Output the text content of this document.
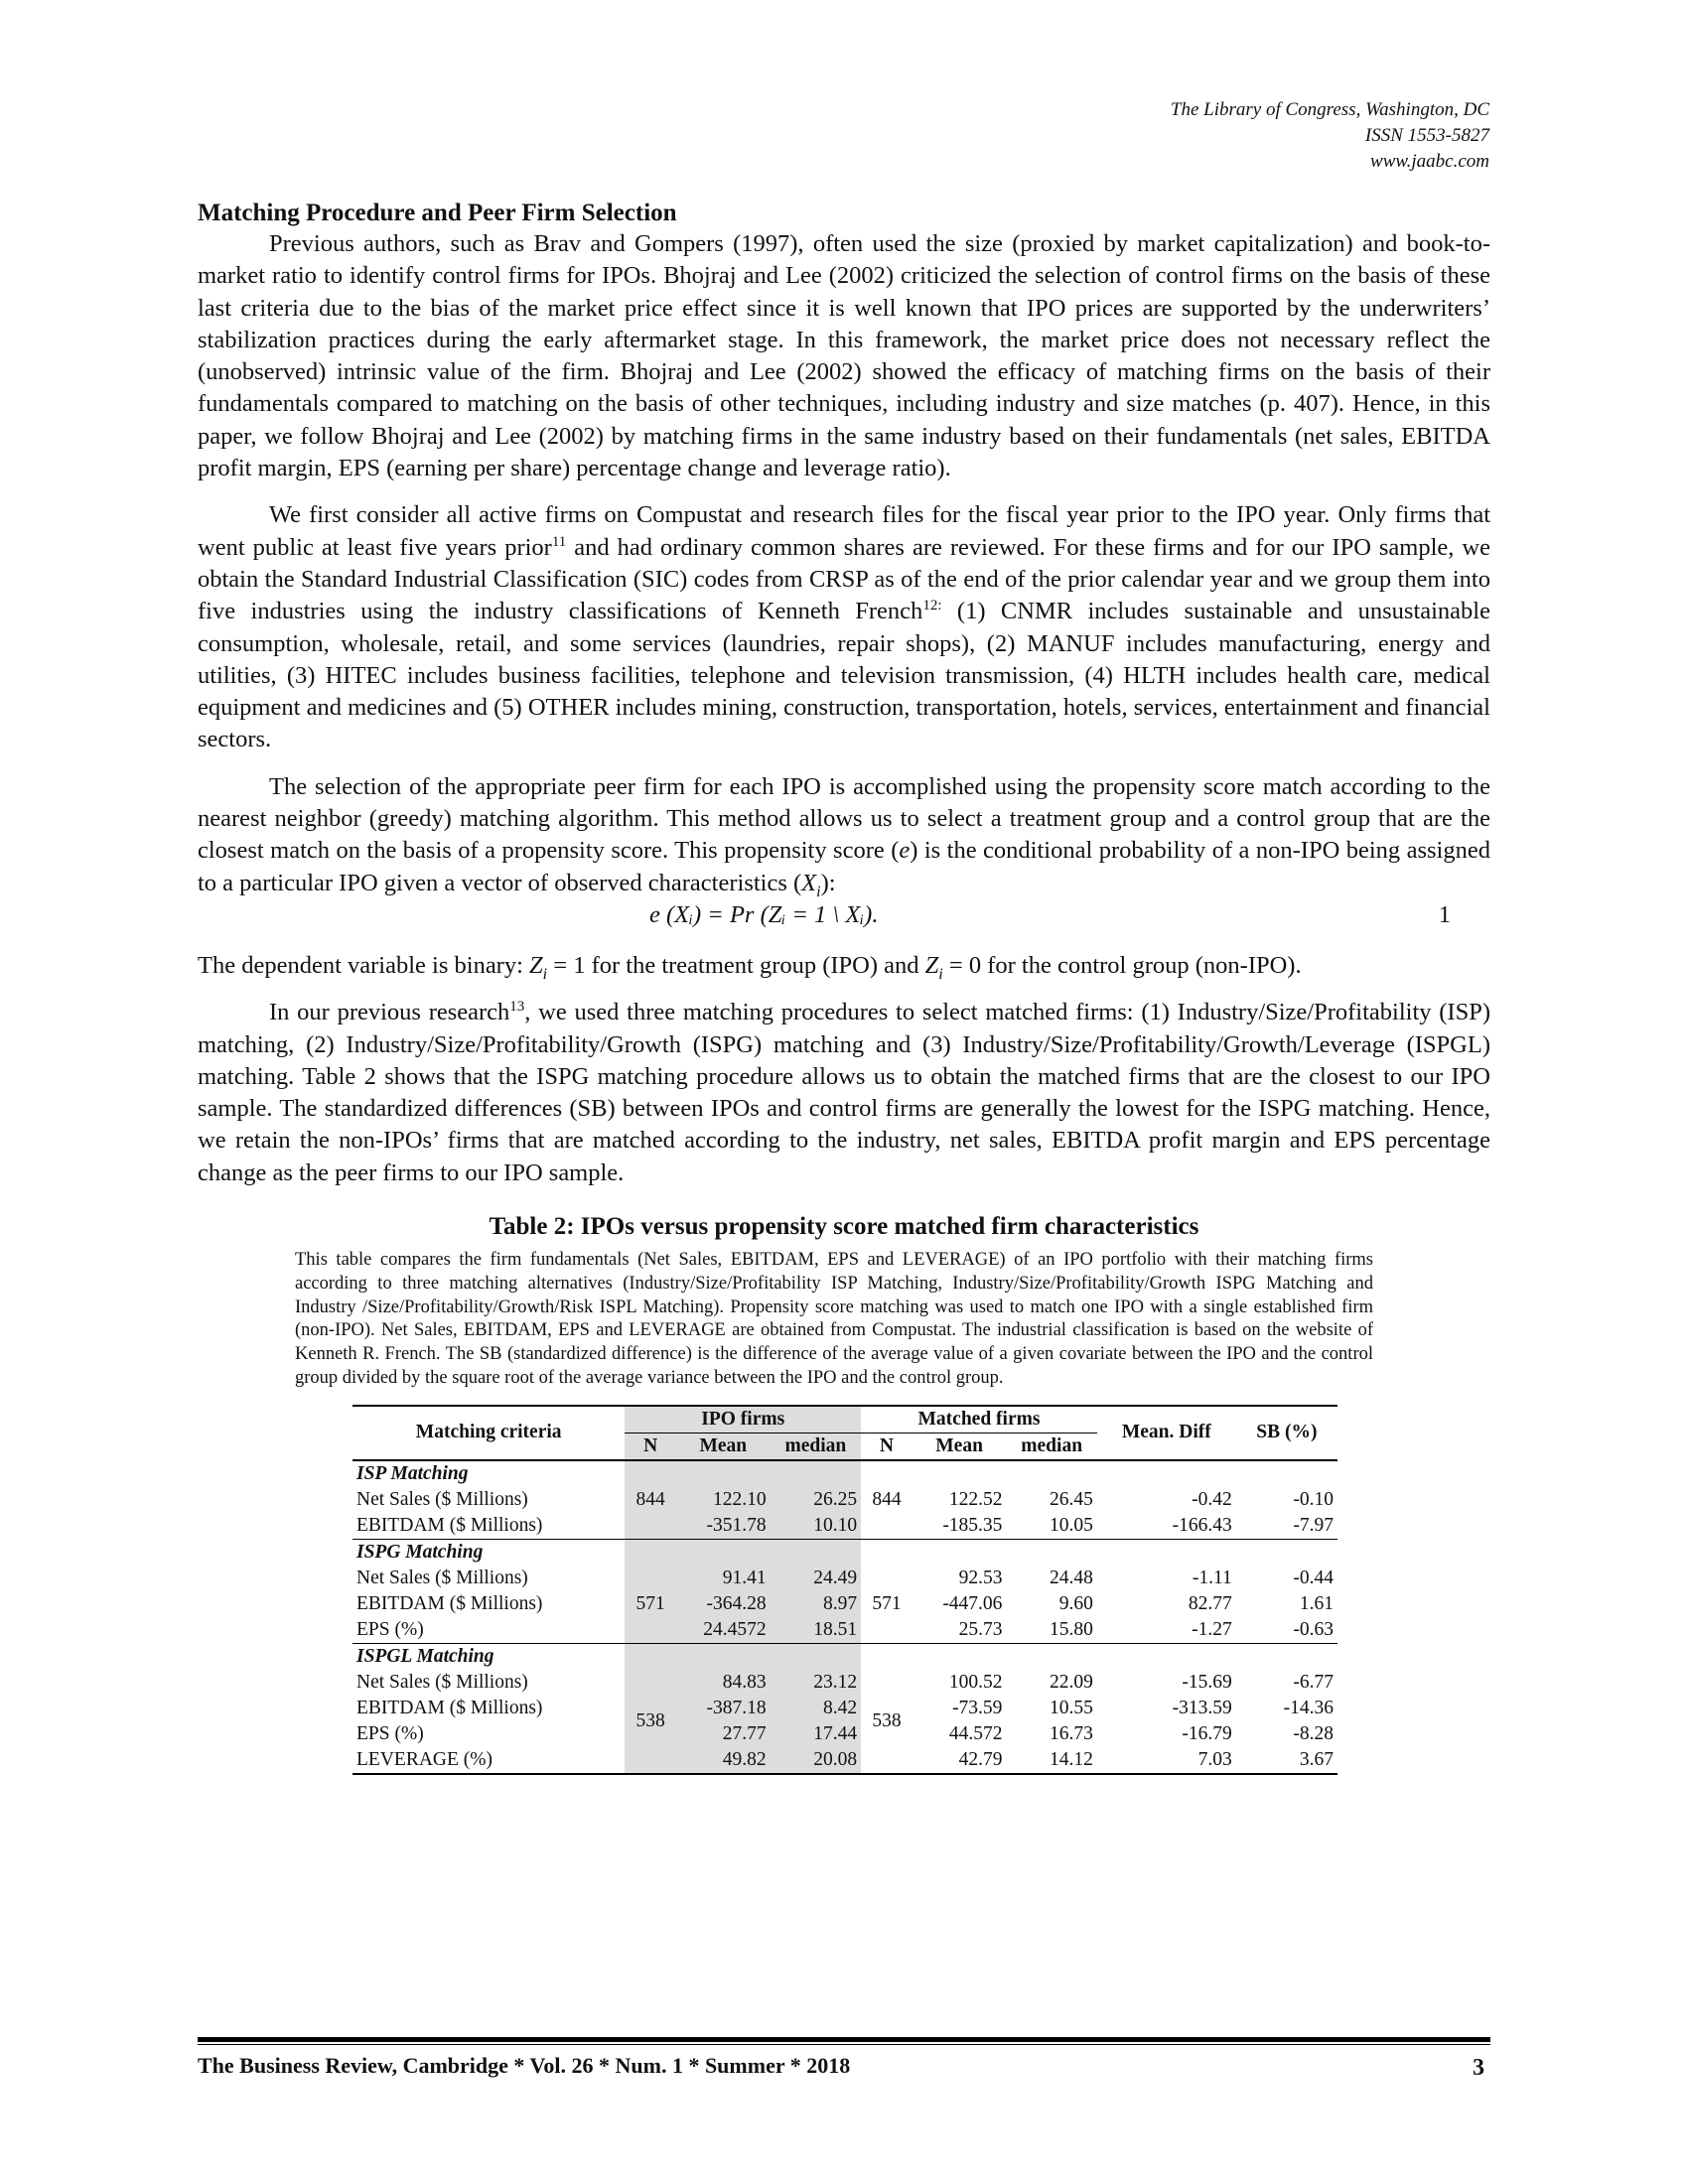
The Library of Congress, Washington, DC
ISSN 1553-5827
www.jaabc.com
Matching Procedure and Peer Firm Selection

Previous authors, such as Brav and Gompers (1997), often used the size (proxied by market capitalization) and book-to-market ratio to identify control firms for IPOs. Bhojraj and Lee (2002) criticized the selection of control firms on the basis of these last criteria due to the bias of the market price effect since it is well known that IPO prices are supported by the underwriters’ stabilization practices during the early aftermarket stage. In this framework, the market price does not necessary reflect the (unobserved) intrinsic value of the firm. Bhojraj and Lee (2002) showed the efficacy of matching firms on the basis of their fundamentals compared to matching on the basis of other techniques, including industry and size matches (p. 407). Hence, in this paper, we follow Bhojraj and Lee (2002) by matching firms in the same industry based on their fundamentals (net sales, EBITDA profit margin, EPS (earning per share) percentage change and leverage ratio).

We first consider all active firms on Compustat and research files for the fiscal year prior to the IPO year. Only firms that went public at least five years prior$^{11}$ and had ordinary common shares are reviewed. For these firms and for our IPO sample, we obtain the Standard Industrial Classification (SIC) codes from CRSP as of the end of the prior calendar year and we group them into five industries using the industry classifications of Kenneth French$^{12:}$ (1) CNMR includes sustainable and unsustainable consumption, wholesale, retail, and some services (laundries, repair shops), (2) MANUF includes manufacturing, energy and utilities, (3) HITEC includes business facilities, telephone and television transmission, (4) HLTH includes health care, medical equipment and medicines and (5) OTHER includes mining, construction, transportation, hotels, services, entertainment and financial sectors.

The selection of the appropriate peer firm for each IPO is accomplished using the propensity score match according to the nearest neighbor (greedy) matching algorithm. This method allows us to select a treatment group and a control group that are the closest match on the basis of a propensity score. This propensity score (e) is the conditional probability of a non-IPO being assigned to a particular IPO given a vector of observed characteristics $(X_i)$:

e (Xᵢ) = Pr (Zᵢ = 1 \ Xᵢ).	1

The dependent variable is binary: $Z_i = 1$ for the treatment group (IPO) and $Z_i = 0$ for the control group (non-IPO).

In our previous research$^{13}$, we used three matching procedures to select matched firms: (1) Industry/Size/Profitability (ISP) matching, (2) Industry/Size/Profitability/Growth (ISPG) matching and (3) Industry/Size/Profitability/Growth/Leverage (ISPGL) matching. Table 2 shows that the ISPG matching procedure allows us to obtain the matched firms that are the closest to our IPO sample. The standardized differences (SB) between IPOs and control firms are generally the lowest for the ISPG matching. Hence, we retain the non-IPOs’ firms that are matched according to the industry, net sales, EBITDA profit margin and EPS percentage change as the peer firms to our IPO sample.

Table 2: IPOs versus propensity score matched firm characteristics
This table compares the firm fundamentals (Net Sales, EBITDAM, EPS and LEVERAGE) of an IPO portfolio with their matching firms according to three matching alternatives (Industry/Size/Profitability ISP Matching, Industry/Size/Profitability/Growth ISPG Matching and Industry /Size/Profitability/Growth/Risk ISPL Matching). Propensity score matching was used to match one IPO with a single established firm (non-IPO). Net Sales, EBITDAM, EPS and LEVERAGE are obtained from Compustat. The industrial classification is based on the website of Kenneth R. French. The SB (standardized difference) is the difference of the average value of a given covariate between the IPO and the control group divided by the square root of the average variance between the IPO and the control group.
Matching criteria	IPO firms			Matched firms			Mean. Diff	SB (%)
	N	Mean	median	N	Mean	median		
ISP Matching								
Net Sales ($ Millions)	844	122.10	26.25	844	122.52	26.45	-0.42	-0.10
EBITDAM ($ Millions)		-351.78	10.10		-185.35	10.05	-166.43	-7.97
ISPG Matching								
Net Sales ($ Millions)	571	91.41	24.49	571	92.53	24.48	-1.11	-0.44
EBITDAM ($ Millions)		-364.28	8.97		-447.06	9.60	82.77	1.61
EPS (%)		24.4572	18.51		25.73	15.80	-1.27	-0.63
ISPGL Matching								
Net Sales ($ Millions)	538	84.83	23.12	538	100.52	22.09	-15.69	-6.77
EBITDAM ($ Millions)		-387.18	8.42		-73.59	10.55	-313.59	-14.36
EPS (%)		27.77	17.44		44.572	16.73	-16.79	-8.28
LEVERAGE (%)		49.82	20.08		42.79	14.12	7.03	3.67
The Business Review, Cambridge * Vol. 26 * Num. 1 * Summer * 2018	3
